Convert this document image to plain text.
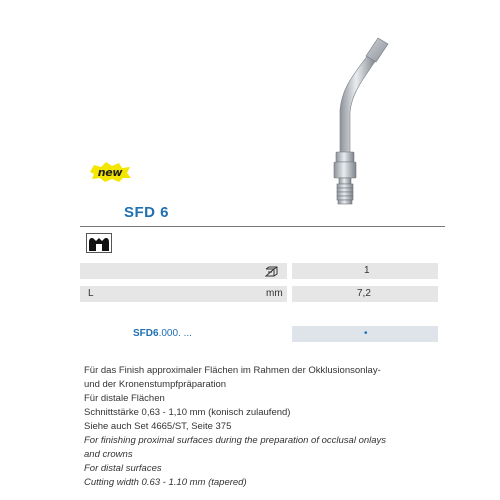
new
SFD 6
1
L	mm	7,2
SFD6.000. ...	•
Für das Finish approximaler Flächen im Rahmen der Okklusionsonlay-
und der Kronenstumpfpräparation
Für distale Flächen
Schnittstärke 0,63 - 1,10 mm (konisch zulaufend)
Siehe auch Set 4665/ST, Seite 375
For finishing proximal surfaces during the preparation of occlusal onlays
and crowns
For distal surfaces
Cutting width 0.63 - 1.10 mm (tapered)
